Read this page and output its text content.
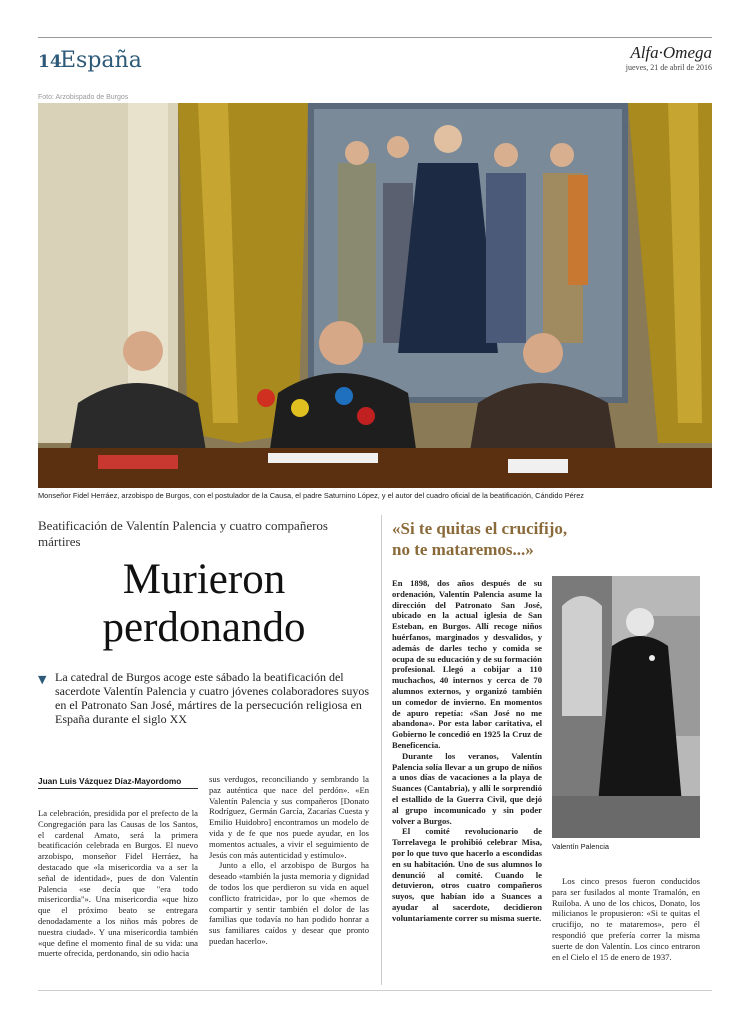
14
España	Alfa·Omega
jueves, 21 de abril de 2016
Foto: Arzobispado de Burgos
Monseñor Fidel Herráez, arzobispo de Burgos, con el postulador de la Causa, el padre Saturnino López, y el autor del cuadro oficial de la beatificación, Cándido Pérez
Beatificación de Valentín Palencia y cuatro compañeros mártires
Murieron
perdonando
▼ La catedral de Burgos acoge este sábado la beatificación del sacerdote Valentín Palencia y cuatro jóvenes colaboradores suyos en el Patronato San José, mártires de la persecución religiosa en España durante el siglo XX
Juan Luis Vázquez Díaz-Mayordomo

La celebración, presidida por el prefecto de la Congregación para las Causas de los Santos, el cardenal Amato, será la primera beatificación celebrada en Burgos. El nuevo arzobispo, monseñor Fidel Herráez, ha destacado que «la misericordia va a ser la señal de identidad», pues de don Valentín Palencia «se decía que "era todo misericordia"». Una misericordia «que hizo que el próximo beato se entregara denodadamente a los niños más pobres de nuestra ciudad». Y una misericordia también «que define el momento final de su vida: una muerte ofrecida, perdonando, sin odio hacia

sus verdugos, reconciliando y sembrando la paz auténtica que nace del perdón». «En Valentín Palencia y sus compañeros [Donato Rodríguez, Germán García, Zacarías Cuesta y Emilio Huidobro] encontramos un modelo de vida y de fe que nos puede ayudar, en los momentos actuales, a vivir el seguimiento de Jesús con más autenticidad y estímulo».

Junto a ello, el arzobispo de Burgos ha deseado «también la justa memoria y dignidad de todos los que perdieron su vida en aquel conflicto fratricida», por lo que «hemos de compartir y sentir también el dolor de las familias que todavía no han podido honrar a sus familiares caídos y desear que pronto puedan hacerlo».

«Si te quitas el crucifijo,
no te mataremos...»

En 1898, dos años después de su ordenación, Valentín Palencia asume la dirección del Patronato San José, ubicado en la actual iglesia de San Esteban, en Burgos. Allí recoge niños huérfanos, marginados y desvalidos, y además de darles techo y comida se ocupa de su educación y de su formación profesional. Llegó a cobijar a 110 muchachos, 40 internos y cerca de 70 alumnos externos, y organizó también un comedor de invierno. En momentos de apuro repetía: «San José no me abandona». Por esta labor caritativa, el Gobierno le concedió en 1925 la Cruz de Beneficencia.

Durante los veranos, Valentín Palencia solía llevar a un grupo de niños a unos días de vacaciones a la playa de Suances (Cantabria), y allí le sorprendió el estallido de la Guerra Civil, que dejó al grupo incomunicado y sin poder volver a Burgos.

El comité revolucionario de Torrelavega le prohibió celebrar Misa, por lo que tuvo que hacerlo a escondidas en su habitación. Uno de sus alumnos lo denunció al comité. Cuando le detuvieron, otros cuatro compañeros suyos, que habían ido a Suances a ayudar al sacerdote, decidieron voluntariamente correr su misma suerte.

Valentín Palencia

Los cinco presos fueron conducidos para ser fusilados al monte Tramalón, en Ruiloba. A uno de los chicos, Donato, los milicianos le propusieron: «Si te quitas el crucifijo, no te mataremos», pero él respondió que prefería correr la misma suerte de don Valentín. Los cinco entraron en el Cielo el 15 de enero de 1937.
